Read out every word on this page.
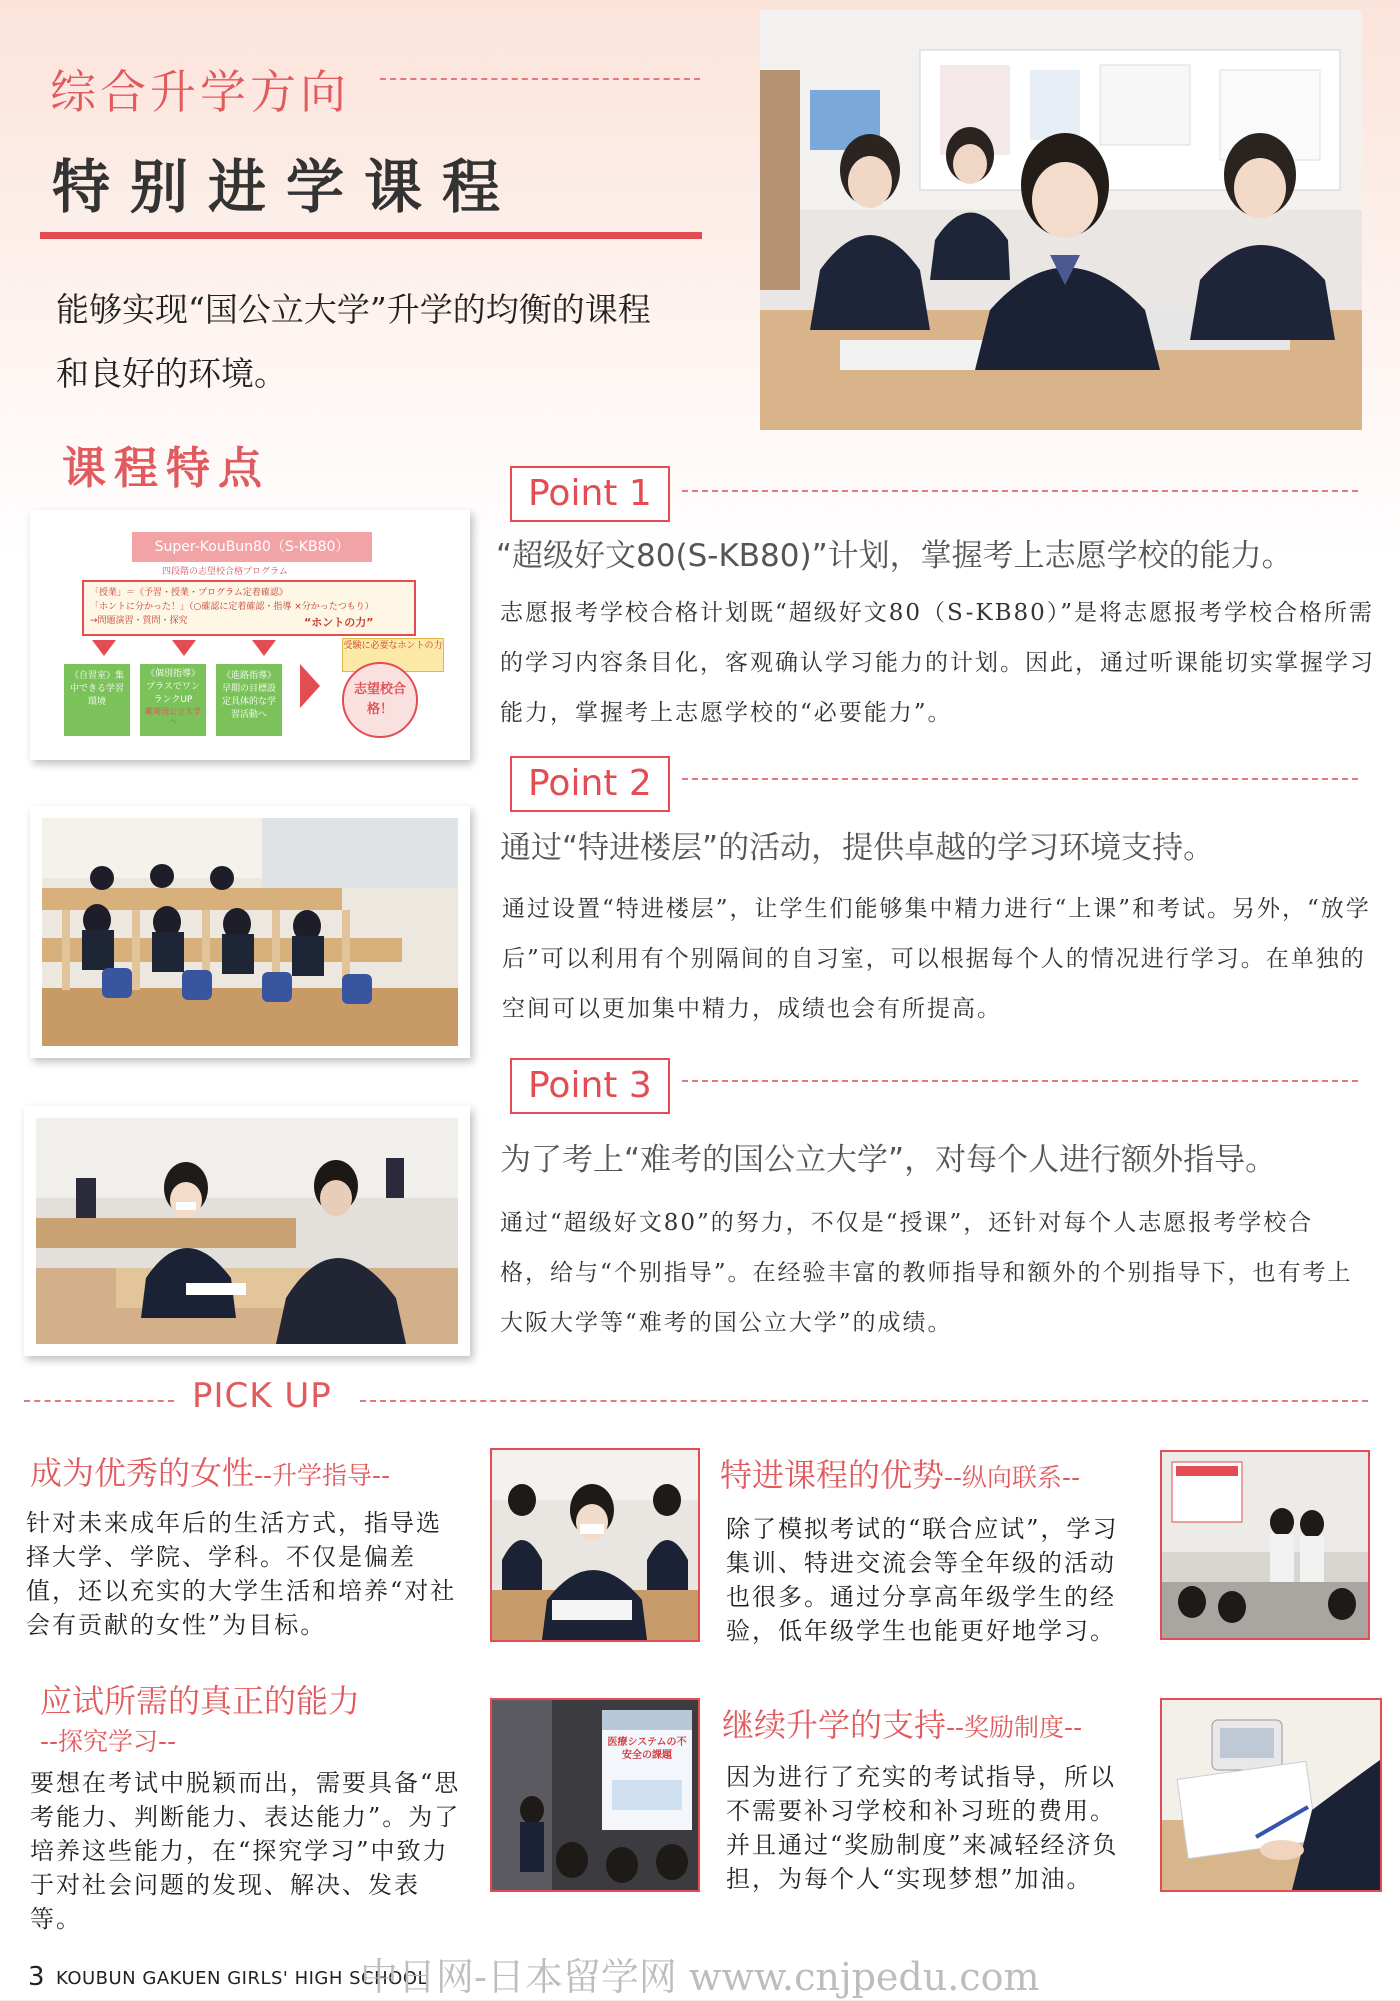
综合升学方向
特别进学课程
能够实现“国公立大学”升学的均衡的课程和良好的环境。
课程特点	Point 1
“超级好文80(S-KB80)”计划，掌握考上志愿学校的能力。
志愿报考学校合格计划既“超级好文80（S-KB80）”是将志愿报考学校合格所需的学习内容条目化，客观确认学习能力的计划。因此，通过听课能切实掌握学习能力，掌握考上志愿学校的“必要能力”。
Super-KouBun80（S-KB80）
四段階の志望校合格プログラム
「授業」＝《予習・授業・プログラム定着確認》
「ホントに分かった！」（○確認に定着確認・指導 ×分かったつもり）
→問題演習・質問・探究	“ホントの力”
受験に必要なホントの力
《自習室》集中できる学習環境
《個別指導》プラスでワンランクUP
難関国公立大学へ
《進路指導》早期の目標設定具体的な学習活動へ
志望校合格！
Point 2
通过“特进楼层”的活动，提供卓越的学习环境支持。
通过设置“特进楼层”，让学生们能够集中精力进行“上课”和考试。另外，“放学后”可以利用有个别隔间的自习室，可以根据每个人的情况进行学习。在单独的空间可以更加集中精力，成绩也会有所提高。
Point 3
为了考上“难考的国公立大学”，对每个人进行额外指导。
通过“超级好文80”的努力，不仅是“授课”，还针对每个人志愿报考学校合格，给与“个别指导”。在经验丰富的教师指导和额外的个别指导下，也有考上大阪大学等“难考的国公立大学”的成绩。
PICK UP
成为优秀的女性--升学指导--
针对未来成年后的生活方式，指导选择大学、学院、学科。不仅是偏差值，还以充实的大学生活和培养“对社会有贡献的女性”为目标。
特进课程的优势--纵向联系--
除了模拟考试的“联合应试”，学习集训、特进交流会等全年级的活动也很多。通过分享高年级学生的经验，低年级学生也能更好地学习。
应试所需的真正的能力
--探究学习--
要想在考试中脱颖而出，需要具备“思考能力、判断能力、表达能力”。为了培养这些能力，在“探究学习”中致力于对社会问题的发现、解决、发表等。
医療システムの不安全の課題
继续升学的支持--奖励制度--
因为进行了充实的考试指导，所以不需要补习学校和补习班的费用。并且通过“奖励制度”来减轻经济负担，为每个人“实现梦想”加油。
3 KOUBUN GAKUEN GIRLS' HIGH SCHOOL
中日网-日本留学网 www.cnjpedu.com
